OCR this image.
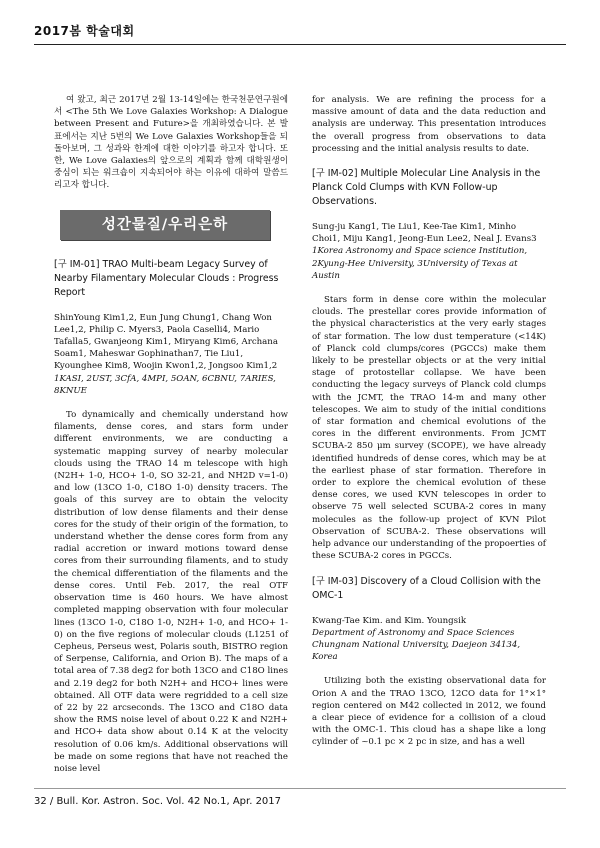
2017봄 학술대회

여 왔고, 최근 2017년 2월 13-14일에는 한국천문연구원에서 <The 5th We Love Galaxies Workshop: A Dialogue between Present and Future>을 개최하였습니다. 본 발표에서는 지난 5번의 We Love Galaxies Workshop들을 되돌아보며, 그 성과와 한계에 대한 이야기를 하고자 합니다. 또한, We Love Galaxies의 앞으로의 계획과 함께 대학원생이 중심이 되는 워크숍이 지속되어야 하는 이유에 대하여 말씀드리고자 합니다.

성간물질/우리은하
[구 IM-01] TRAO Multi-beam Legacy Survey of Nearby Filamentary Molecular Clouds : Progress Report
ShinYoung Kim1,2, Eun Jung Chung1, Chang Won Lee1,2, Philip C. Myers3, Paola Caselli4, Mario Tafalla5, Gwanjeong Kim1, Miryang Kim6, Archana Soam1, Maheswar Gophinathan7, Tie Liu1, Kyounghee Kim8, Woojin Kwon1,2, Jongsoo Kim1,2
1KASI, 2UST, 3CfA, 4MPI, 5OAN, 6CBNU, 7ARIES, 8KNUE

To dynamically and chemically understand how filaments, dense cores, and stars form under different environments, we are conducting a systematic mapping survey of nearby molecular clouds using the TRAO 14 m telescope with high (N2H+ 1-0, HCO+ 1-0, SO 32-21, and NH2D v=1-0) and low (13CO 1-0, C18O 1-0) density tracers. The goals of this survey are to obtain the velocity distribution of low dense filaments and their dense cores for the study of their origin of the formation, to understand whether the dense cores form from any radial accretion or inward motions toward dense cores from their surrounding filaments, and to study the chemical differentiation of the filaments and the dense cores. Until Feb. 2017, the real OTF observation time is 460 hours. We have almost completed mapping observation with four molecular lines (13CO 1-0, C18O 1-0, N2H+ 1-0, and HCO+ 1-0) on the five regions of molecular clouds (L1251 of Cepheus, Perseus west, Polaris south, BISTRO region of Serpense, California, and Orion B). The maps of a total area of 7.38 deg2 for both 13CO and C18O lines and 2.19 deg2 for both N2H+ and HCO+ lines were obtained. All OTF data were regridded to a cell size of 22 by 22 arcseconds. The 13CO and C18O data show the RMS noise level of about 0.22 K and N2H+ and HCO+ data show about 0.14 K at the velocity resolution of 0.06 km/s. Additional observations will be made on some regions that have not reached the noise level

for analysis. We are refining the process for a massive amount of data and the data reduction and analysis are underway. This presentation introduces the overall progress from observations to data processing and the initial analysis results to date.

[구 IM-02] Multiple Molecular Line Analysis in the Planck Cold Clumps with KVN Follow-up Observations.
Sung-ju Kang1, Tie Liu1, Kee-Tae Kim1, Minho Choi1, Miju Kang1, Jeong-Eun Lee2, Neal J. Evans3
1Korea Astronomy and Space science Institution, 2Kyung-Hee University, 3University of Texas at Austin

Stars form in dense core within the molecular clouds. The prestellar cores provide information of the physical characteristics at the very early stages of star formation. The low dust temperature (<14K) of Planck cold clumps/cores (PGCCs) make them likely to be prestellar objects or at the very initial stage of protostellar collapse. We have been conducting the legacy surveys of Planck cold clumps with the JCMT, the TRAO 14-m and many other telescopes. We aim to study of the initial conditions of star formation and chemical evolutions of the cores in the different environments. From JCMT SCUBA-2 850 μm survey (SCOPE), we have already identified hundreds of dense cores, which may be at the earliest phase of star formation. Therefore in order to explore the chemical evolution of these dense cores, we used KVN telescopes in order to observe 75 well selected SCUBA-2 cores in many molecules as the follow-up project of KVN Pilot Observation of SCUBA-2. These observations will help advance our understanding of the propoerties of these SCUBA-2 cores in PGCCs.

[구 IM-03] Discovery of a Cloud Collision with the OMC-1
Kwang-Tae Kim. and Kim. Youngsik
Department of Astronomy and Space Sciences Chungnam National University, Daejeon 34134, Korea

Utilizing both the existing observational data for Orion A and the TRAO 13CO, 12CO data for 1°×1° region centered on M42 collected in 2012, we found a clear piece of evidence for a collision of a cloud with the OMC-1. This cloud has a shape like a long cylinder of ~0.1 pc × 2 pc in size, and has a well

32 / Bull. Kor. Astron. Soc. Vol. 42 No.1, Apr. 2017
